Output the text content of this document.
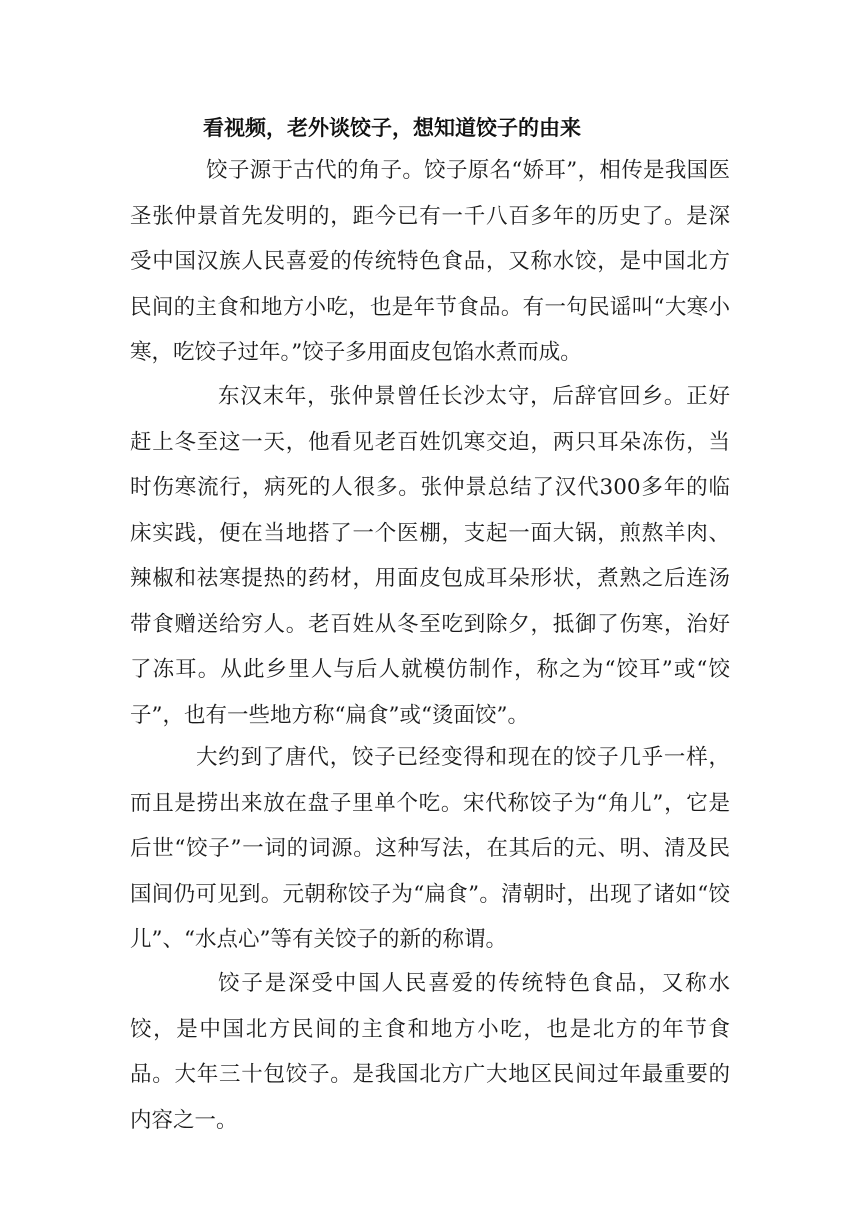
看视频，老外谈饺子，想知道饺子的由来

饺子源于古代的角子。饺子原名“娇耳”，相传是我国医圣张仲景首先发明的，距今已有一千八百多年的历史了。是深受中国汉族人民喜爱的传统特色食品，又称水饺，是中国北方民间的主食和地方小吃，也是年节食品。有一句民谣叫“大寒小寒，吃饺子过年。”饺子多用面皮包馅水煮而成。

东汉末年，张仲景曾任长沙太守，后辞官回乡。正好赶上冬至这一天，他看见老百姓饥寒交迫，两只耳朵冻伤，当时伤寒流行，病死的人很多。张仲景总结了汉代300多年的临床实践，便在当地搭了一个医棚，支起一面大锅，煎熬羊肉、辣椒和祛寒提热的药材，用面皮包成耳朵形状，煮熟之后连汤带食赠送给穷人。老百姓从冬至吃到除夕，抵御了伤寒，治好了冻耳。从此乡里人与后人就模仿制作，称之为“饺耳”或“饺子”，也有一些地方称“扁食”或“烫面饺”。

大约到了唐代，饺子已经变得和现在的饺子几乎一样，而且是捞出来放在盘子里单个吃。宋代称饺子为“角儿”，它是后世“饺子”一词的词源。这种写法，在其后的元、明、清及民国间仍可见到。元朝称饺子为“扁食”。清朝时，出现了诸如“饺儿”、“水点心”等有关饺子的新的称谓。

饺子是深受中国人民喜爱的传统特色食品，又称水饺，是中国北方民间的主食和地方小吃，也是北方的年节食品。大年三十包饺子。是我国北方广大地区民间过年最重要的内容之一。
